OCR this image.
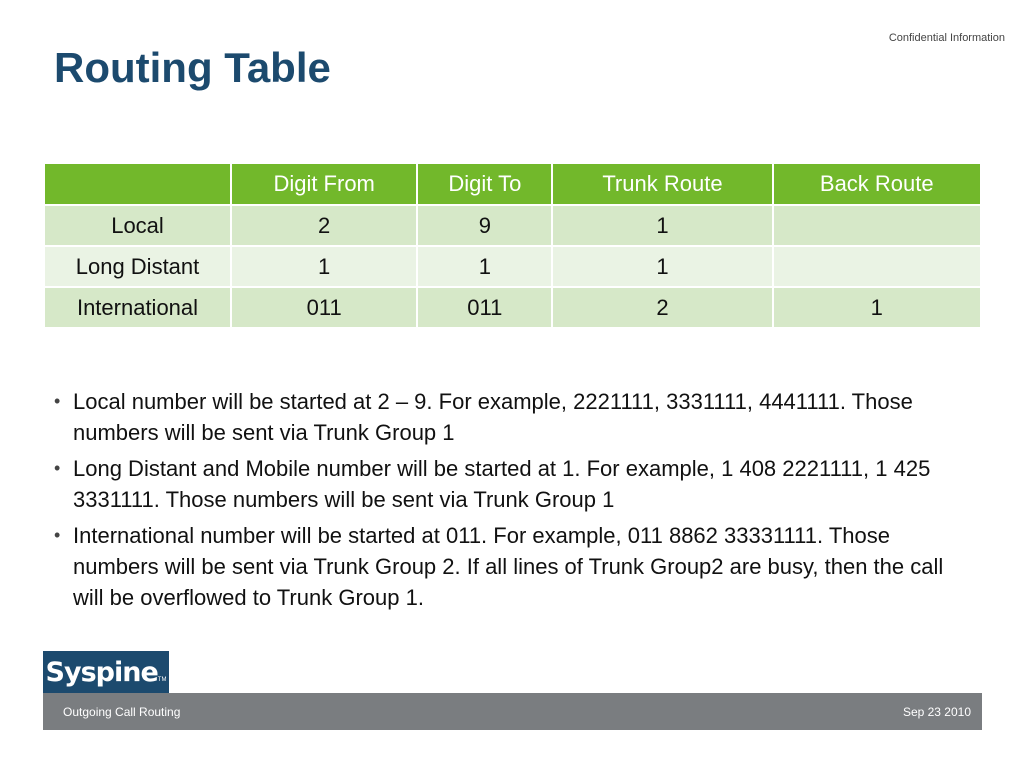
Confidential Information
Routing Table
	Digit From	Digit To	Trunk Route	Back Route
Local	2	9	1	
Long Distant	1	1	1	
International	011	011	2	1
• Local number will be started at 2 – 9. For example, 2221111, 3331111, 4441111. Those numbers will be sent via Trunk Group 1
• Long Distant and Mobile number will be started at 1. For example, 1 408 2221111, 1 425 3331111. Those numbers will be sent via Trunk Group 1
• International number will be started at 011. For example, 011 8862 33331111. Those numbers will be sent via Trunk Group 2. If all lines of Trunk Group2 are busy, then the call will be overflowed to Trunk Group 1.
Syspine TM
Outgoing Call Routing	Sep 23 2010
